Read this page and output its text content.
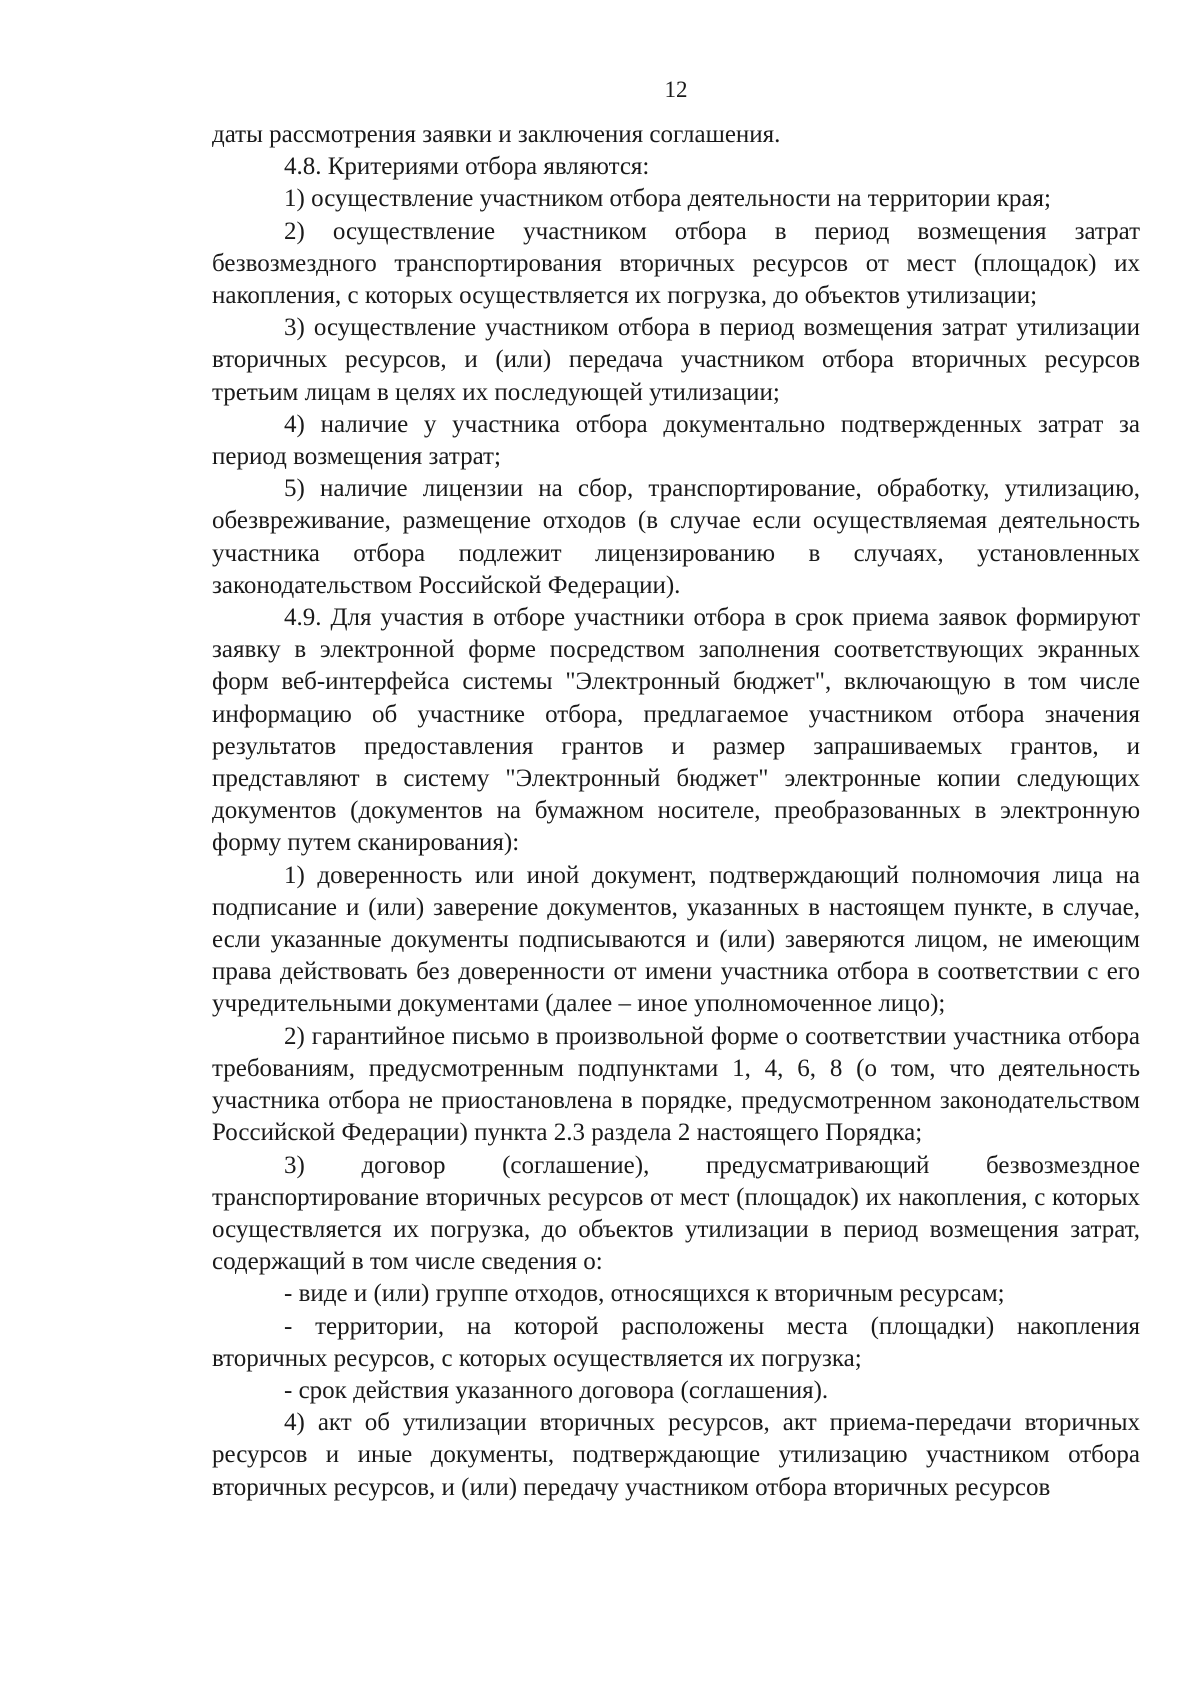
12

даты рассмотрения заявки и заключения соглашения.

4.8. Критериями отбора являются:

1) осуществление участником отбора деятельности на территории края;

2) осуществление участником отбора в период возмещения затрат безвозмездного транспортирования вторичных ресурсов от мест (площадок) их накопления, с которых осуществляется их погрузка, до объектов утилизации;

3) осуществление участником отбора в период возмещения затрат утилизации вторичных ресурсов, и (или) передача участником отбора вторичных ресурсов третьим лицам в целях их последующей утилизации;

4) наличие у участника отбора документально подтвержденных затрат за период возмещения затрат;

5) наличие лицензии на сбор, транспортирование, обработку, утилизацию, обезвреживание, размещение отходов (в случае если осуществляемая деятельность участника отбора подлежит лицензированию в случаях, установленных законодательством Российской Федерации).

4.9. Для участия в отборе участники отбора в срок приема заявок формируют заявку в электронной форме посредством заполнения соответствующих экранных форм веб-интерфейса системы "Электронный бюджет", включающую в том числе информацию об участнике отбора, предлагаемое участником отбора значения результатов предоставления грантов и размер запрашиваемых грантов, и представляют в систему "Электронный бюджет" электронные копии следующих документов (документов на бумажном носителе, преобразованных в электронную форму путем сканирования):

1) доверенность или иной документ, подтверждающий полномочия лица на подписание и (или) заверение документов, указанных в настоящем пункте, в случае, если указанные документы подписываются и (или) заверяются лицом, не имеющим права действовать без доверенности от имени участника отбора в соответствии с его учредительными документами (далее – иное уполномоченное лицо);

2) гарантийное письмо в произвольной форме о соответствии участника отбора требованиям, предусмотренным подпунктами 1, 4, 6, 8 (о том, что деятельность участника отбора не приостановлена в порядке, предусмотренном законодательством Российской Федерации) пункта 2.3 раздела 2 настоящего Порядка;

3) договор (соглашение), предусматривающий безвозмездное транспортирование вторичных ресурсов от мест (площадок) их накопления, с которых осуществляется их погрузка, до объектов утилизации в период возмещения затрат, содержащий в том числе сведения о:

- виде и (или) группе отходов, относящихся к вторичным ресурсам;

- территории, на которой расположены места (площадки) накопления вторичных ресурсов, с которых осуществляется их погрузка;

- срок действия указанного договора (соглашения).

4) акт об утилизации вторичных ресурсов, акт приема-передачи вторичных ресурсов и иные документы, подтверждающие утилизацию участником отбора вторичных ресурсов, и (или) передачу участником отбора вторичных ресурсов
